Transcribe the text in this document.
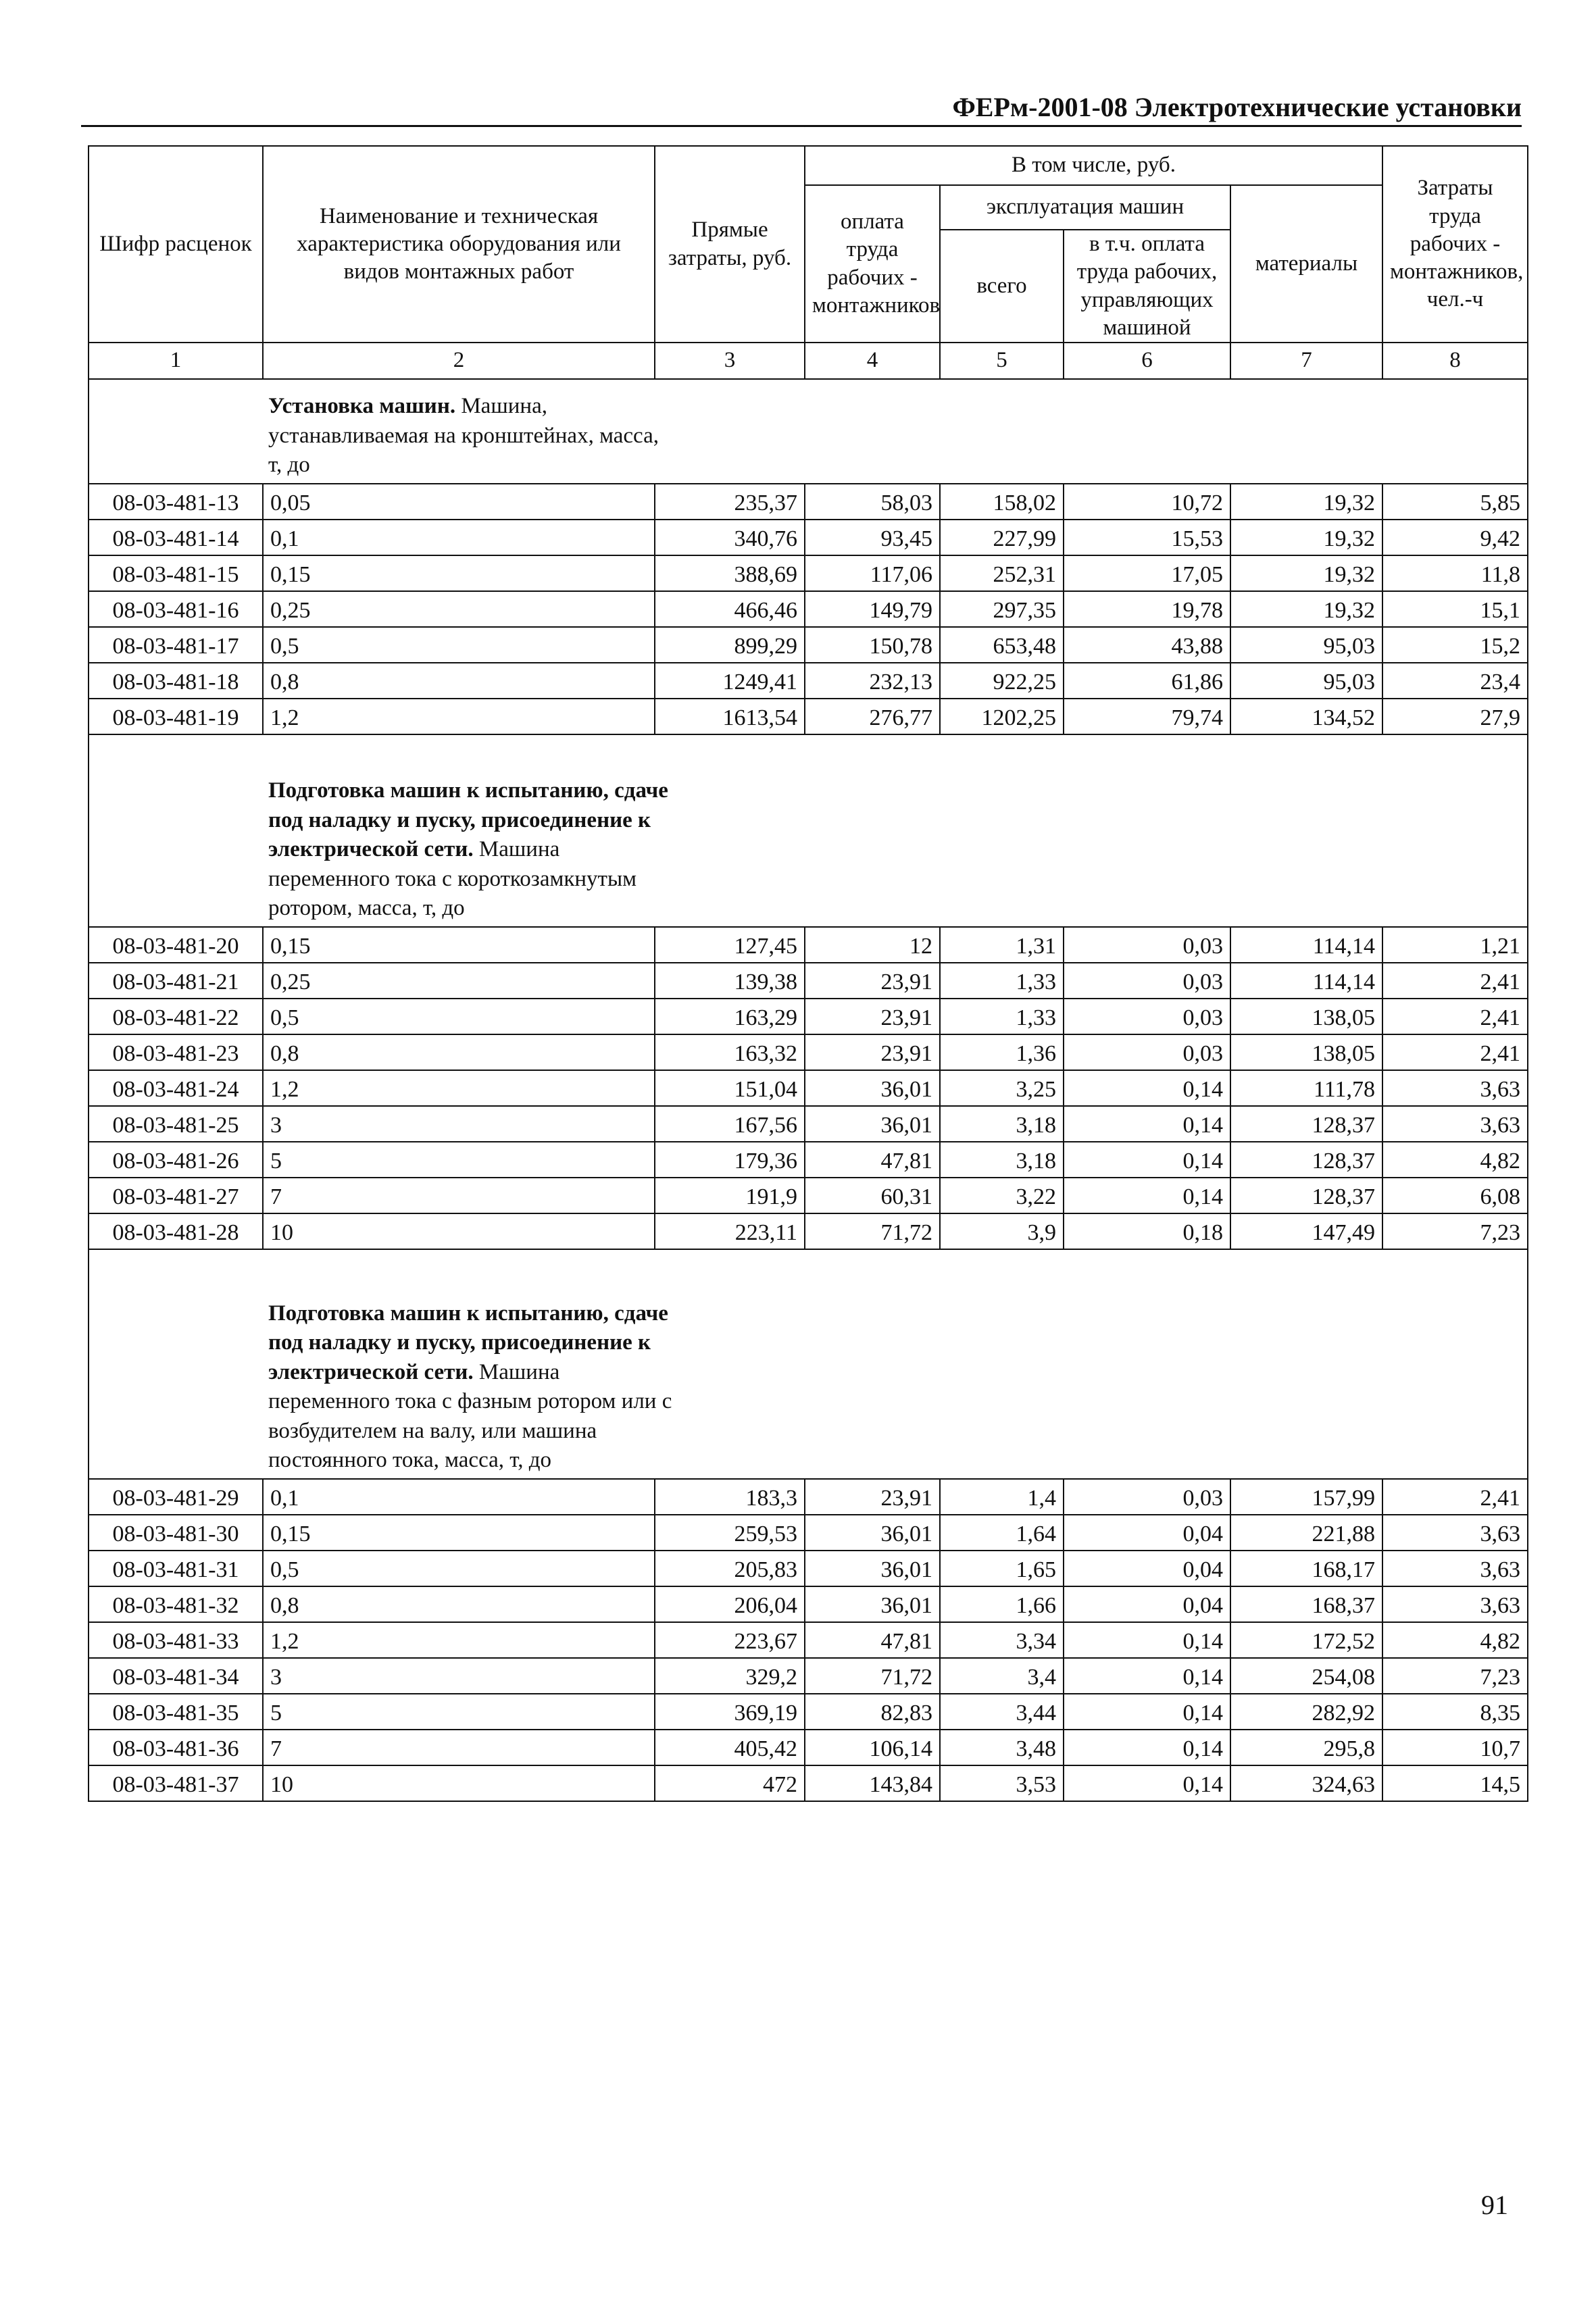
ФЕРм-2001-08 Электротехнические установки
Шифр расценок	Наименование и техническая характеристика оборудования или видов монтажных работ	Прямые затраты, руб.	В том числе, руб.				Затраты труда рабочих - монтажников, чел.-ч
			оплата труда рабочих - монтажников	эксплуатация машин		материалы	
				всего	в т.ч. оплата труда рабочих, управляющих машиной		

1	2	3	4	5	6	7	8

Установка машин. Машина, устанавливаемая на кронштейнах, масса, т, до							

08-03-481-13	0,05	235,37	58,03	158,02	10,72	19,32	5,85
08-03-481-14	0,1	340,76	93,45	227,99	15,53	19,32	9,42
08-03-481-15	0,15	388,69	117,06	252,31	17,05	19,32	11,8
08-03-481-16	0,25	466,46	149,79	297,35	19,78	19,32	15,1
08-03-481-17	0,5	899,29	150,78	653,48	43,88	95,03	15,2
08-03-481-18	0,8	1249,41	232,13	922,25	61,86	95,03	23,4
08-03-481-19	1,2	1613,54	276,77	1202,25	79,74	134,52	27,9

Подготовка машин к испытанию, сдаче под наладку и пуску, присоединение к электрической сети. Машина переменного тока с короткозамкнутым ротором, масса, т, до							

08-03-481-20	0,15	127,45	12	1,31	0,03	114,14	1,21
08-03-481-21	0,25	139,38	23,91	1,33	0,03	114,14	2,41
08-03-481-22	0,5	163,29	23,91	1,33	0,03	138,05	2,41
08-03-481-23	0,8	163,32	23,91	1,36	0,03	138,05	2,41
08-03-481-24	1,2	151,04	36,01	3,25	0,14	111,78	3,63
08-03-481-25	3	167,56	36,01	3,18	0,14	128,37	3,63
08-03-481-26	5	179,36	47,81	3,18	0,14	128,37	4,82
08-03-481-27	7	191,9	60,31	3,22	0,14	128,37	6,08
08-03-481-28	10	223,11	71,72	3,9	0,18	147,49	7,23

Подготовка машин к испытанию, сдаче под наладку и пуску, присоединение к электрической сети. Машина переменного тока с фазным ротором или с возбудителем на валу, или машина постоянного тока, масса, т, до							

08-03-481-29	0,1	183,3	23,91	1,4	0,03	157,99	2,41
08-03-481-30	0,15	259,53	36,01	1,64	0,04	221,88	3,63
08-03-481-31	0,5	205,83	36,01	1,65	0,04	168,17	3,63
08-03-481-32	0,8	206,04	36,01	1,66	0,04	168,37	3,63
08-03-481-33	1,2	223,67	47,81	3,34	0,14	172,52	4,82
08-03-481-34	3	329,2	71,72	3,4	0,14	254,08	7,23
08-03-481-35	5	369,19	82,83	3,44	0,14	282,92	8,35
08-03-481-36	7	405,42	106,14	3,48	0,14	295,8	10,7
08-03-481-37	10	472	143,84	3,53	0,14	324,63	14,5
91
